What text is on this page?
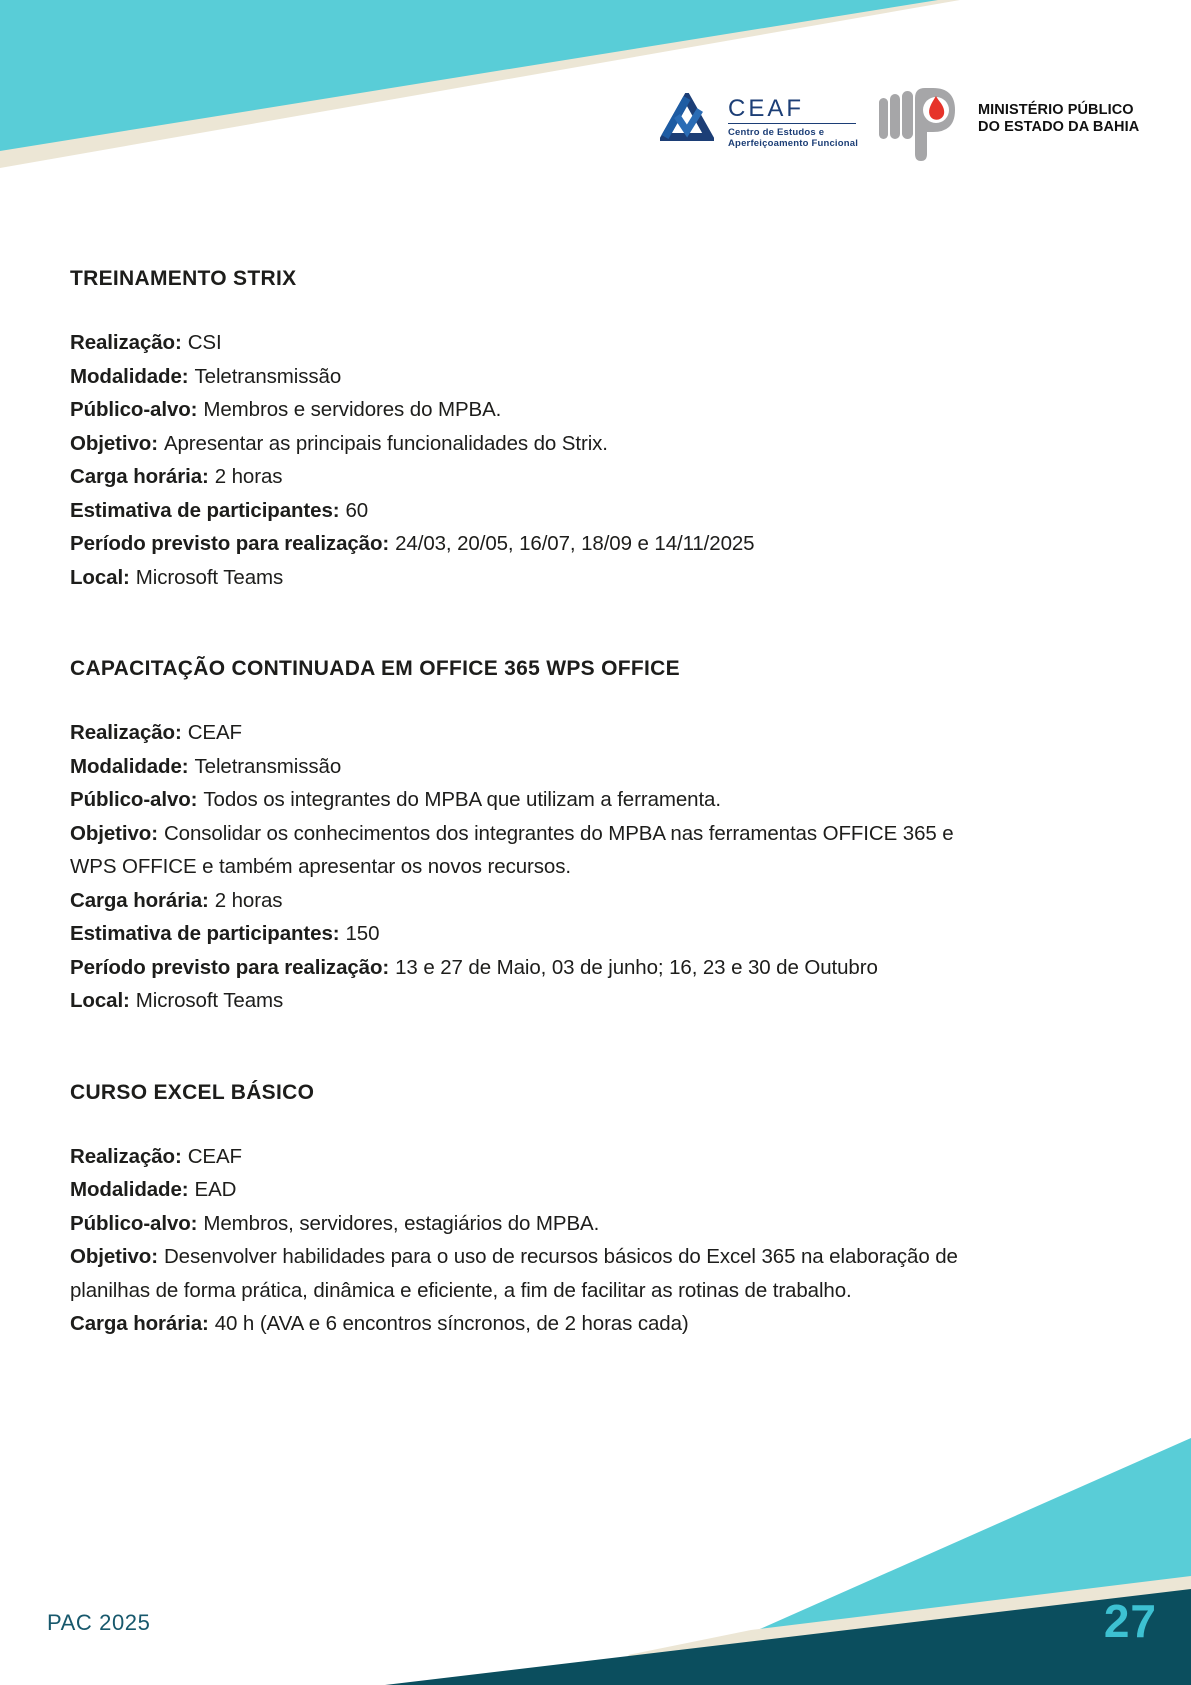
CEAF
Centro de Estudos e
Aperfeiçoamento Funcional
MINISTÉRIO PÚBLICO
DO ESTADO DA BAHIA
TREINAMENTO STRIX

Realização: CSI

Modalidade: Teletransmissão

Público-alvo: Membros e servidores do MPBA.

Objetivo: Apresentar as principais funcionalidades do Strix.

Carga horária: 2 horas

Estimativa de participantes: 60

Período previsto para realização: 24/03, 20/05, 16/07, 18/09 e 14/11/2025

Local: Microsoft Teams

CAPACITAÇÃO CONTINUADA EM OFFICE 365 WPS OFFICE

Realização: CEAF

Modalidade: Teletransmissão

Público-alvo: Todos os integrantes do MPBA que utilizam a ferramenta.

Objetivo: Consolidar os conhecimentos dos integrantes do MPBA nas ferramentas OFFICE 365 e WPS OFFICE e também apresentar os novos recursos.

Carga horária: 2 horas

Estimativa de participantes: 150

Período previsto para realização: 13 e 27 de Maio, 03 de junho; 16, 23 e 30 de Outubro

Local: Microsoft Teams

CURSO EXCEL BÁSICO

Realização: CEAF

Modalidade: EAD

Público-alvo: Membros, servidores, estagiários do MPBA.

Objetivo: Desenvolver habilidades para o uso de recursos básicos do Excel 365 na elaboração de planilhas de forma prática, dinâmica e eficiente, a fim de facilitar as rotinas de trabalho.

Carga horária: 40 h (AVA e 6 encontros síncronos, de 2 horas cada)

PAC 2025	27
